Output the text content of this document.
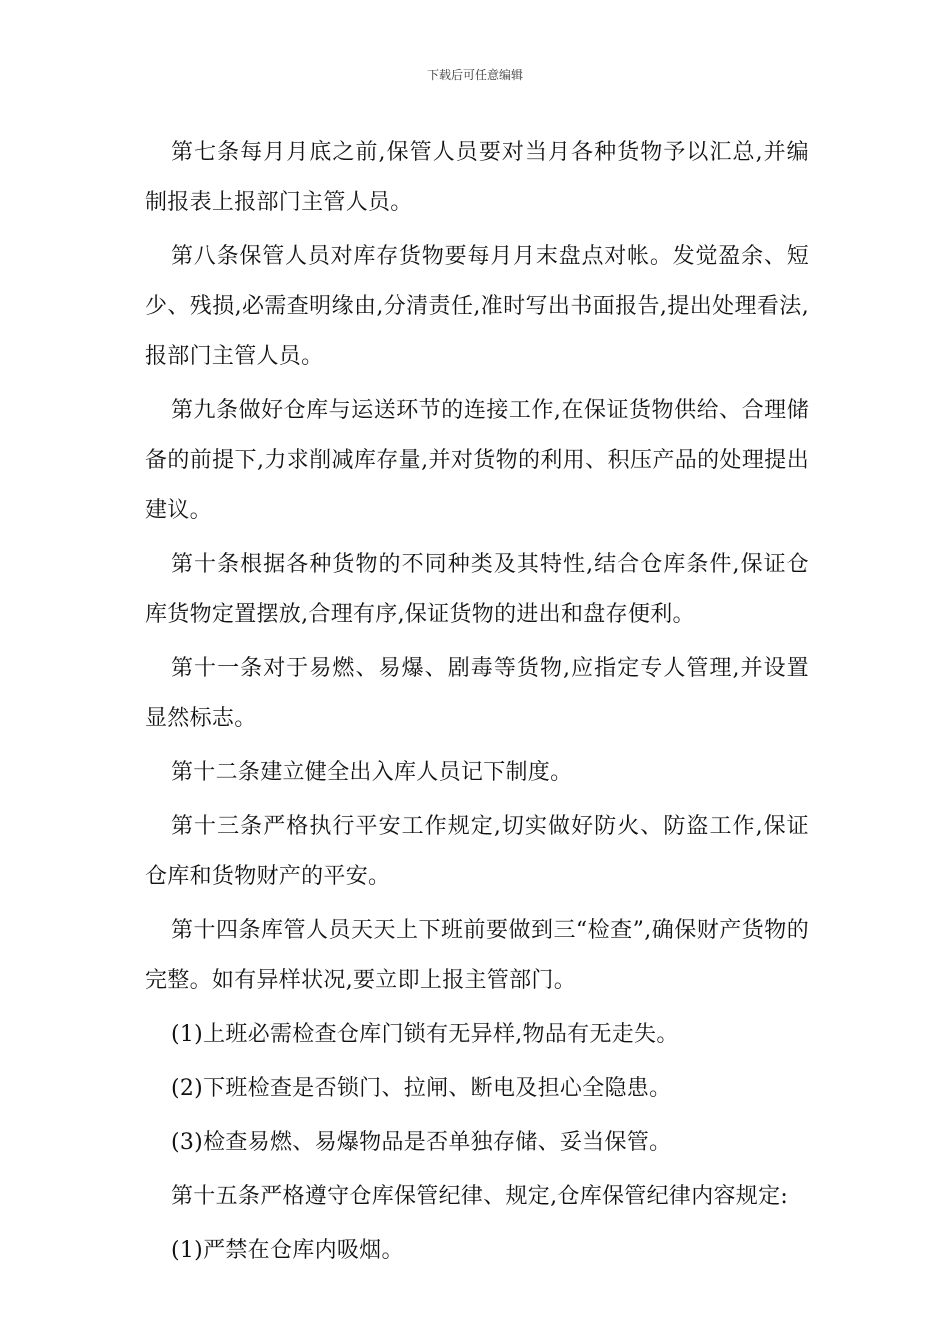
下载后可任意编辑

第七条每月月底之前,保管人员要对当月各种货物予以汇总,并编制报表上报部门主管人员。

第八条保管人员对库存货物要每月月末盘点对帐。发觉盈余、短少、残损,必需查明缘由,分清责任,准时写出书面报告,提出处理看法,报部门主管人员。

第九条做好仓库与运送环节的连接工作,在保证货物供给、合理储备的前提下,力求削减库存量,并对货物的利用、积压产品的处理提出建议。

第十条根据各种货物的不同种类及其特性,结合仓库条件,保证仓库货物定置摆放,合理有序,保证货物的进出和盘存便利。

第十一条对于易燃、易爆、剧毒等货物,应指定专人管理,并设置显然标志。

第十二条建立健全出入库人员记下制度。

第十三条严格执行平安工作规定,切实做好防火、防盗工作,保证仓库和货物财产的平安。

第十四条库管人员天天上下班前要做到三“检查”,确保财产货物的完整。如有异样状况,要立即上报主管部门。

(1)上班必需检查仓库门锁有无异样,物品有无走失。

(2)下班检查是否锁门、拉闸、断电及担心全隐患。

(3)检查易燃、易爆物品是否单独存储、妥当保管。

第十五条严格遵守仓库保管纪律、规定,仓库保管纪律内容规定:

(1)严禁在仓库内吸烟。
